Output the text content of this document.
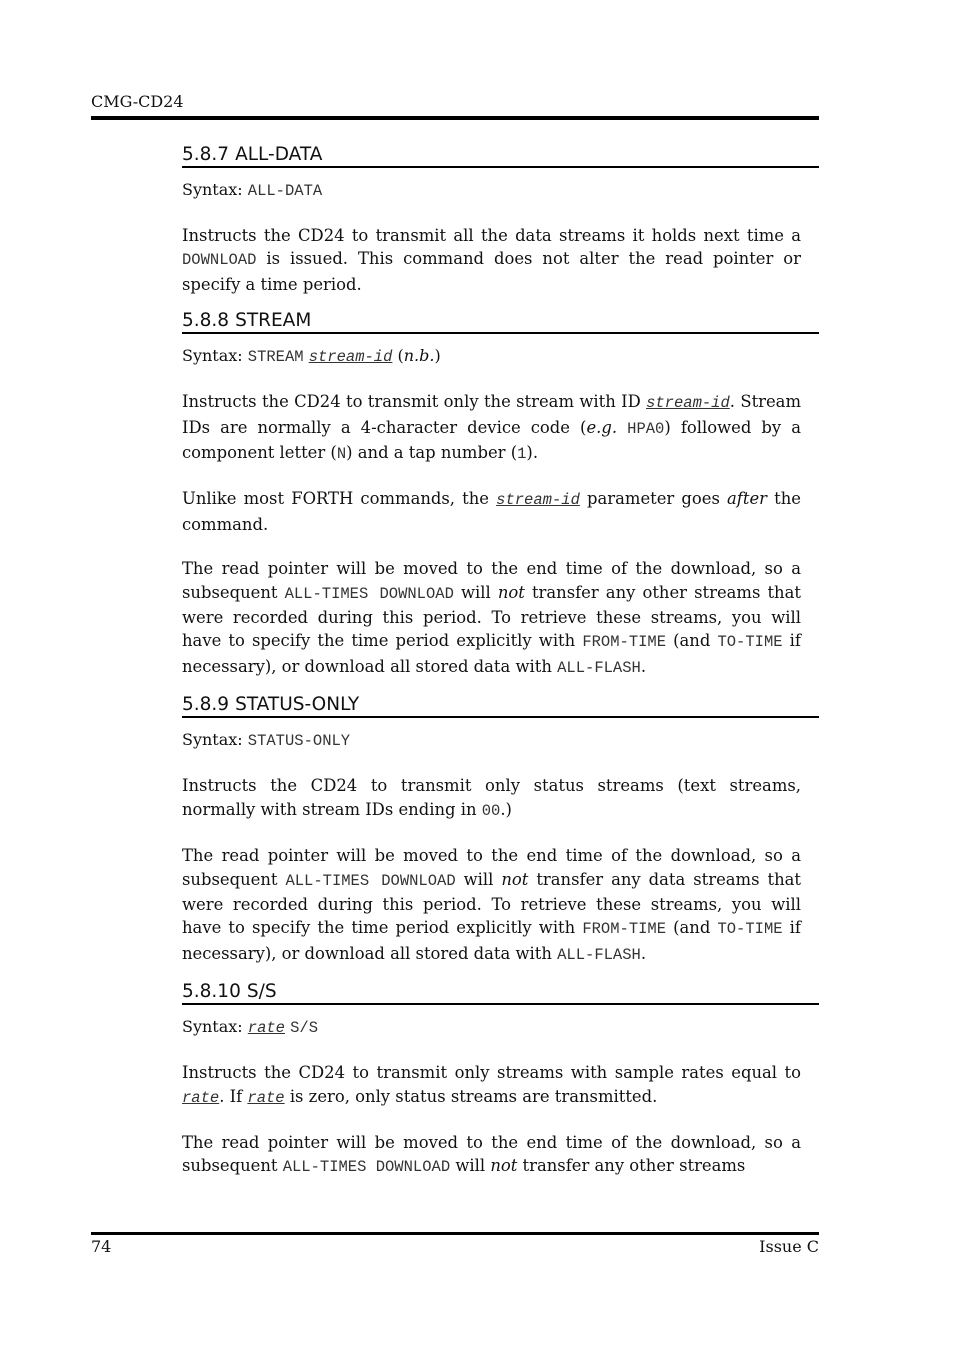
CMG-CD24
5.8.7 ALL-DATA
Syntax: ALL-DATA

Instructs the CD24 to transmit all the data streams it holds next time a DOWNLOAD is issued. This command does not alter the read pointer or specify a time period.

5.8.8 STREAM
Syntax: STREAM stream-id (n.b.)

Instructs the CD24 to transmit only the stream with ID stream-id. Stream IDs are normally a 4-character device code (e.g. HPA0) followed by a component letter (N) and a tap number (1).

Unlike most FORTH commands, the stream-id parameter goes after the command.

The read pointer will be moved to the end time of the download, so a subsequent ALL-TIMES DOWNLOAD will not transfer any other streams that were recorded during this period. To retrieve these streams, you will have to specify the time period explicitly with FROM-TIME (and TO-TIME if necessary), or download all stored data with ALL-FLASH.

5.8.9 STATUS-ONLY
Syntax: STATUS-ONLY

Instructs the CD24 to transmit only status streams (text streams, normally with stream IDs ending in 00.)

The read pointer will be moved to the end time of the download, so a subsequent ALL-TIMES DOWNLOAD will not transfer any data streams that were recorded during this period. To retrieve these streams, you will have to specify the time period explicitly with FROM-TIME (and TO-TIME if necessary), or download all stored data with ALL-FLASH.

5.8.10 S/S
Syntax: rate S/S

Instructs the CD24 to transmit only streams with sample rates equal to rate. If rate is zero, only status streams are transmitted.

The read pointer will be moved to the end time of the download, so a subsequent ALL-TIMES DOWNLOAD will not transfer any other streams

74	Issue C
